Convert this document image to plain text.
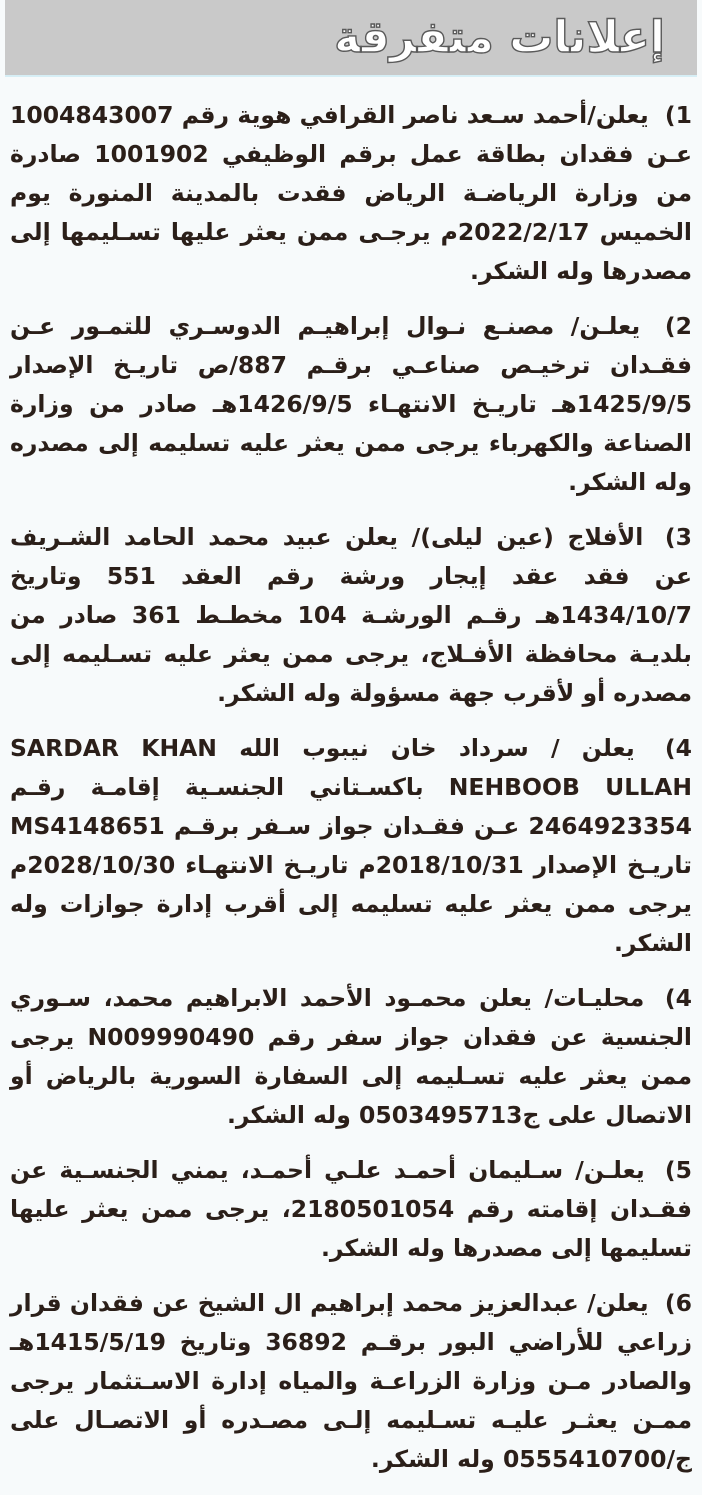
إعلانات متفرقة
1) يعلن/أحمد سـعد ناصر القرافي هوية رقم 1004843007 عـن فقدان بطاقة عمل برقم الوظيفي 1001902 صادرة من وزارة الرياضـة الرياض فقدت بالمدينة المنورة يوم الخميس 2022/2/17م يرجـى ممن يعثر عليها تسـليمها إلى مصدرها وله الشكر.
2) يعلـن/ مصنـع نـوال إبراهيـم الدوسـري للتمـور عـن فقـدان ترخيـص صناعـي برقـم 887/ص تاريـخ الإصدار 1425/9/5هـ تاريـخ الانتهـاء 1426/9/5هـ صادر من وزارة الصناعة والكهرباء يرجى ممن يعثر عليه تسليمه إلى مصدره وله الشكر.
3) الأفلاج (عين ليلى)/ يعلن عبيد محمد الحامد الشـريف عن فقد عقد إيجار ورشة رقم العقد 551 وتاريخ 1434/10/7هـ رقـم الورشـة 104 مخطـط 361 صادر من بلديـة محافظة الأفـلاج، يرجى ممن يعثر عليه تسـليمه إلى مصدره أو لأقرب جهة مسؤولة وله الشكر.
4) يعلن / سرداد خان نيبوب الله SARDAR KHAN NEHBOOB ULLAH باكسـتاني الجنسـية إقامـة رقـم 2464923354 عـن فقـدان جواز سـفر برقـم MS4148651 تاريـخ الإصدار 2018/10/31م تاريـخ الانتهـاء 2028/10/30م يرجى ممن يعثر عليه تسليمه إلى أقرب إدارة جوازات وله الشكر.
4) محليـات/ يعلن محمـود الأحمد الابراهيم محمد، سـوري الجنسية عن فقدان جواز سفر رقم N009990490 يرجى ممن يعثر عليه تسـليمه إلى السفارة السورية بالرياض أو الاتصال على ج0503495713 وله الشكر.
5) يعلـن/ سـليمان أحمـد علـي أحمـد، يمني الجنسـية عن فقـدان إقامته رقم 2180501054، يرجى ممن يعثر عليها تسليمها إلى مصدرها وله الشكر.
6) يعلن/ عبدالعزيز محمد إبراهيم ال الشيخ عن فقدان قرار زراعي للأراضي البور برقـم 36892 وتاريخ 1415/5/19هـ والصادر مـن وزارة الزراعـة والمياه إدارة الاسـتثمار يرجى ممـن يعثـر عليـه تسـليمه إلـى مصـدره أو الاتصـال على ج/0555410700 وله الشكر.
